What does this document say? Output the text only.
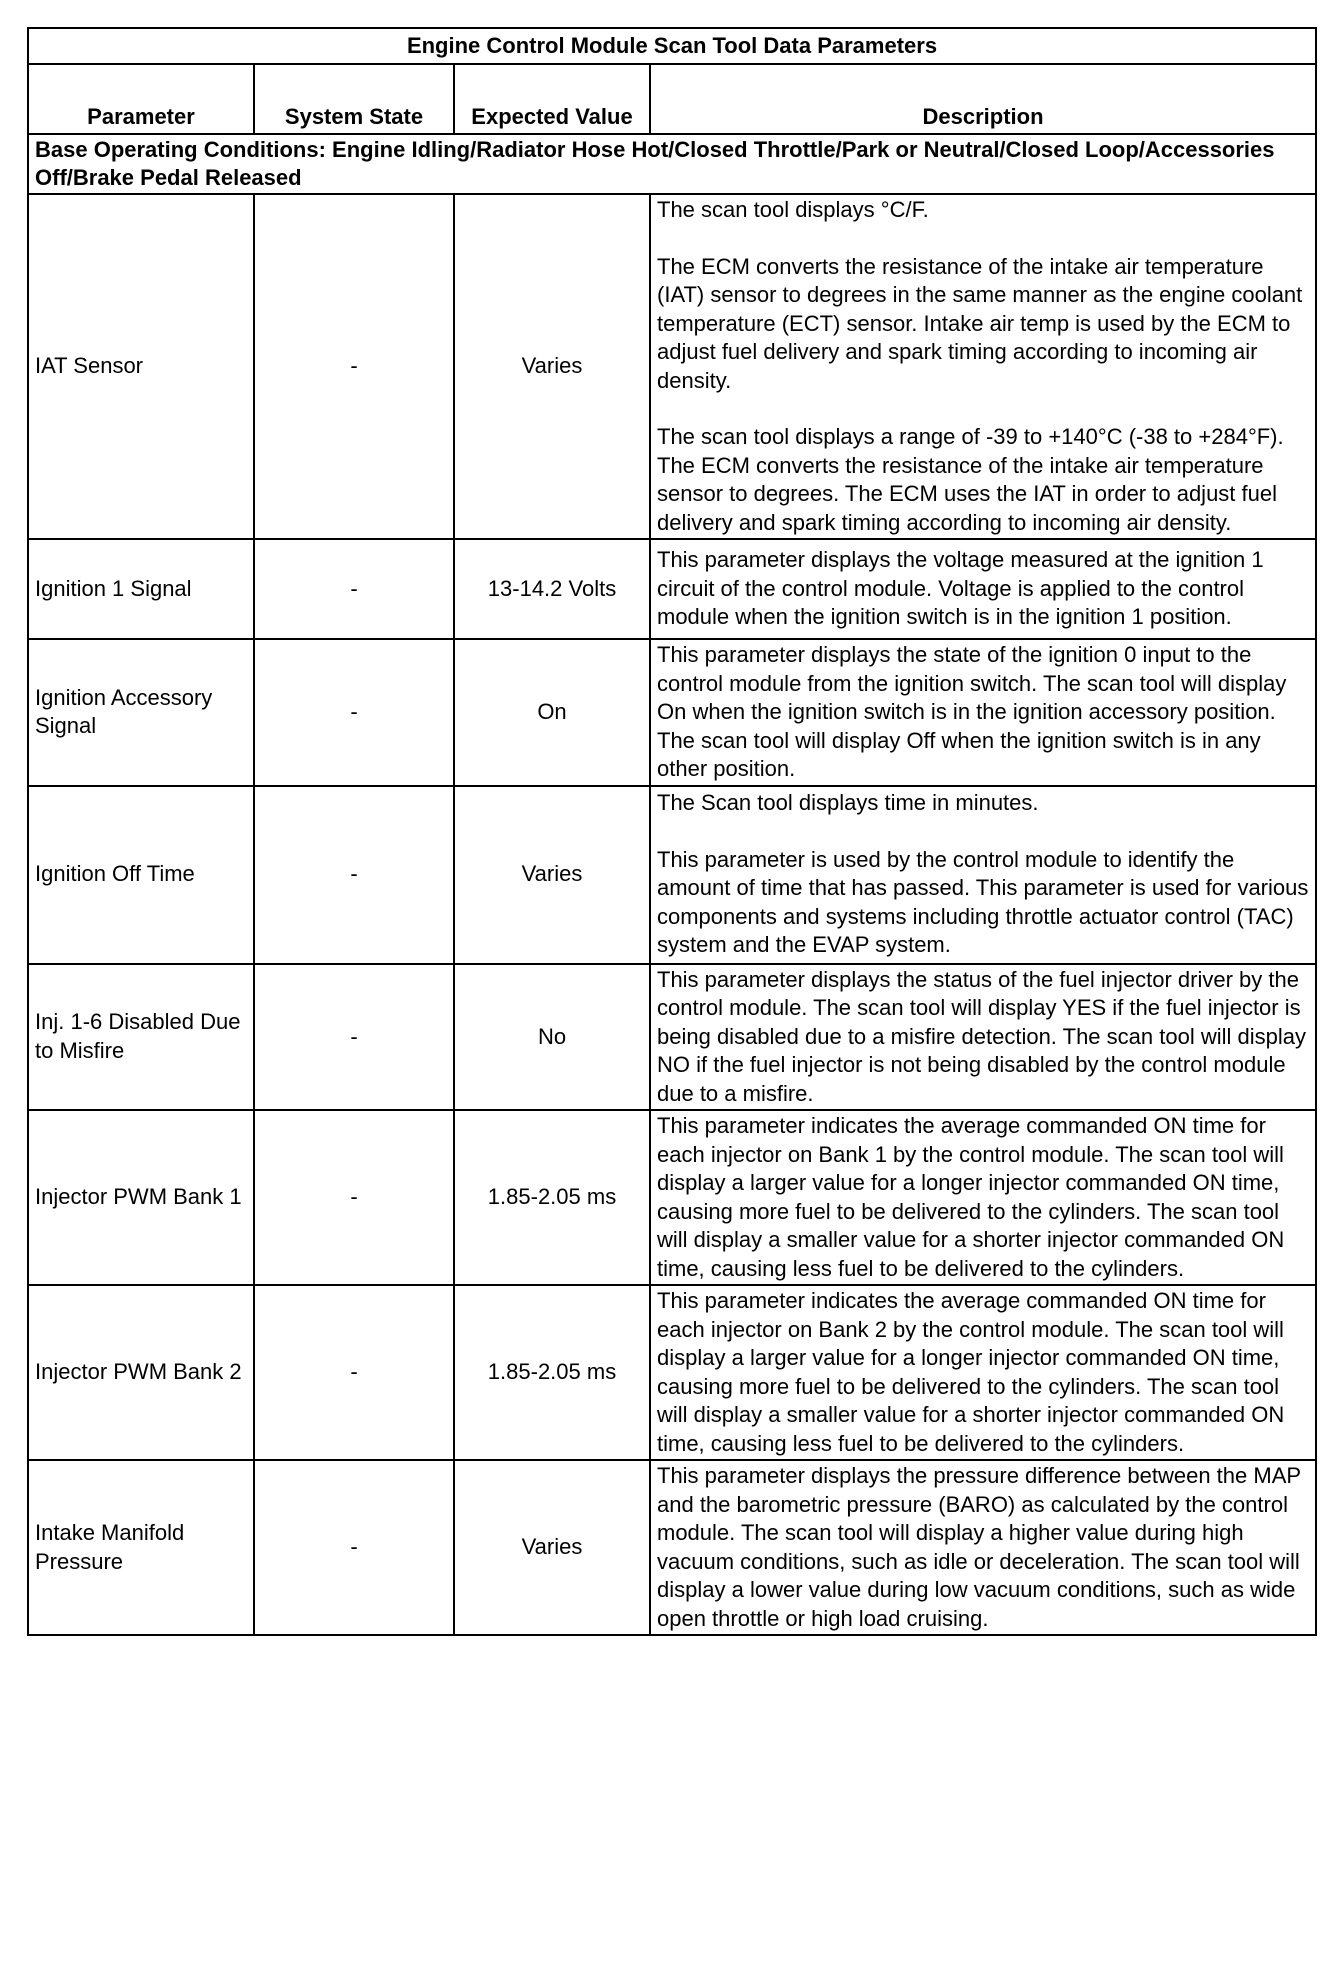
Engine Control Module Scan Tool Data Parameters			
Parameter	System State	Expected Value	Description
Base Operating Conditions: Engine Idling/Radiator Hose Hot/Closed Throttle/Park or Neutral/Closed Loop/Accessories Off/Brake Pedal Released			
IAT Sensor	-	Varies	The scan tool displays °C/F.

The ECM converts the resistance of the intake air temperature (IAT) sensor to degrees in the same manner as the engine coolant temperature (ECT) sensor. Intake air temp is used by the ECM to adjust fuel delivery and spark timing according to incoming air density.

The scan tool displays a range of -39 to +140°C (-38 to +284°F). The ECM converts the resistance of the intake air temperature sensor to degrees. The ECM uses the IAT in order to adjust fuel delivery and spark timing according to incoming air density.

Ignition 1 Signal	-	13-14.2 Volts	This parameter displays the voltage measured at the ignition 1 circuit of the control module. Voltage is applied to the control module when the ignition switch is in the ignition 1 position.

Ignition Accessory Signal	-	On	This parameter displays the state of the ignition 0 input to the control module from the ignition switch. The scan tool will display On when the ignition switch is in the ignition accessory position. The scan tool will display Off when the ignition switch is in any other position.

Ignition Off Time	-	Varies	The Scan tool displays time in minutes.

This parameter is used by the control module to identify the amount of time that has passed. This parameter is used for various components and systems including throttle actuator control (TAC) system and the EVAP system.

Inj. 1-6 Disabled Due to Misfire	-	No	This parameter displays the status of the fuel injector driver by the control module. The scan tool will display YES if the fuel injector is being disabled due to a misfire detection. The scan tool will display NO if the fuel injector is not being disabled by the control module due to a misfire.

Injector PWM Bank 1	-	1.85-2.05 ms	This parameter indicates the average commanded ON time for each injector on Bank 1 by the control module. The scan tool will display a larger value for a longer injector commanded ON time, causing more fuel to be delivered to the cylinders. The scan tool will display a smaller value for a shorter injector commanded ON time, causing less fuel to be delivered to the cylinders.

Injector PWM Bank 2	-	1.85-2.05 ms	This parameter indicates the average commanded ON time for each injector on Bank 2 by the control module. The scan tool will display a larger value for a longer injector commanded ON time, causing more fuel to be delivered to the cylinders. The scan tool will display a smaller value for a shorter injector commanded ON time, causing less fuel to be delivered to the cylinders.

Intake Manifold Pressure	-	Varies	This parameter displays the pressure difference between the MAP and the barometric pressure (BARO) as calculated by the control module. The scan tool will display a higher value during high vacuum conditions, such as idle or deceleration. The scan tool will display a lower value during low vacuum conditions, such as wide open throttle or high load cruising.
